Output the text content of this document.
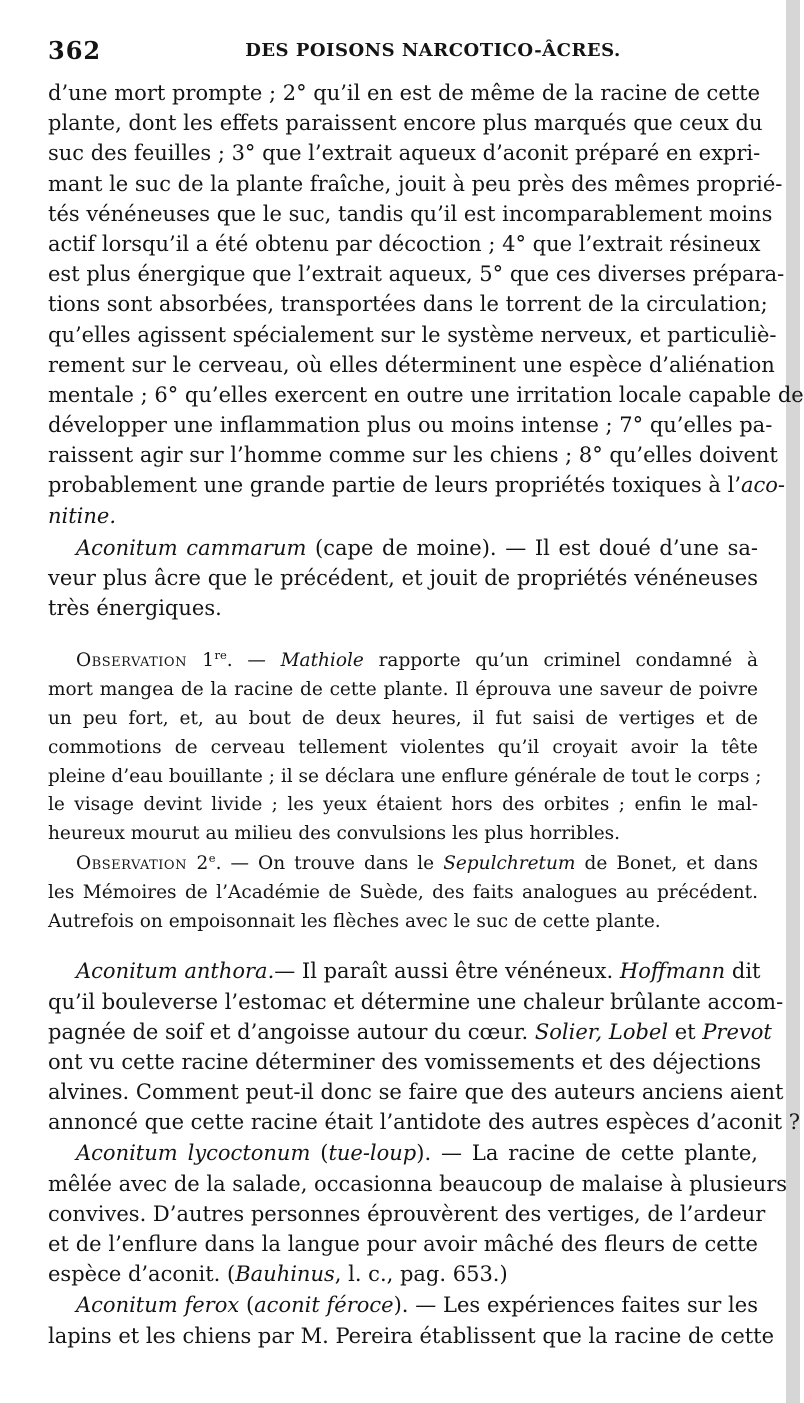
362	DES POISONS NARCOTICO-ÂCRES.
d’une mort prompte ; 2° qu’il en est de même de la racine de cette
plante, dont les effets paraissent encore plus marqués que ceux du
suc des feuilles ; 3° que l’extrait aqueux d’aconit préparé en expri-
mant le suc de la plante fraîche, jouit à peu près des mêmes proprié-
tés vénéneuses que le suc, tandis qu’il est incomparablement moins
actif lorsqu’il a été obtenu par décoction ; 4° que l’extrait résineux
est plus énergique que l’extrait aqueux, 5° que ces diverses prépara-
tions sont absorbées, transportées dans le torrent de la circulation;
qu’elles agissent spécialement sur le système nerveux, et particuliè-
rement sur le cerveau, où elles déterminent une espèce d’aliénation
mentale ; 6° qu’elles exercent en outre une irritation locale capable de
développer une inflammation plus ou moins intense ; 7° qu’elles pa-
raissent agir sur l’homme comme sur les chiens ; 8° qu’elles doivent
probablement une grande partie de leurs propriétés toxiques à l’aco-
nitine.
Aconitum cammarum (cape de moine). — Il est doué d’une sa-
veur plus âcre que le précédent, et jouit de propriétés vénéneuses
très énergiques.
Observation 1re. — Mathiole rapporte qu’un criminel condamné à
mort mangea de la racine de cette plante. Il éprouva une saveur de poivre
un peu fort, et, au bout de deux heures, il fut saisi de vertiges et de
commotions de cerveau tellement violentes qu’il croyait avoir la tête
pleine d’eau bouillante ; il se déclara une enflure générale de tout le corps ;
le visage devint livide ; les yeux étaient hors des orbites ; enfin le mal-
heureux mourut au milieu des convulsions les plus horribles.
Observation 2e. — On trouve dans le Sepulchretum de Bonet, et dans
les Mémoires de l’Académie de Suède, des faits analogues au précédent.
Autrefois on empoisonnait les flèches avec le suc de cette plante.
Aconitum anthora.— Il paraît aussi être vénéneux. Hoffmann dit
qu’il bouleverse l’estomac et détermine une chaleur brûlante accom-
pagnée de soif et d’angoisse autour du cœur. Solier, Lobel et Prevot
ont vu cette racine déterminer des vomissements et des déjections
alvines. Comment peut-il donc se faire que des auteurs anciens aient
annoncé que cette racine était l’antidote des autres espèces d’aconit ?
Aconitum lycoctonum (tue-loup). — La racine de cette plante,
mêlée avec de la salade, occasionna beaucoup de malaise à plusieurs
convives. D’autres personnes éprouvèrent des vertiges, de l’ardeur
et de l’enflure dans la langue pour avoir mâché des fleurs de cette
espèce d’aconit. (Bauhinus, l. c., pag. 653.)
Aconitum ferox (aconit féroce). — Les expériences faites sur les
lapins et les chiens par M. Pereira établissent que la racine de cette
